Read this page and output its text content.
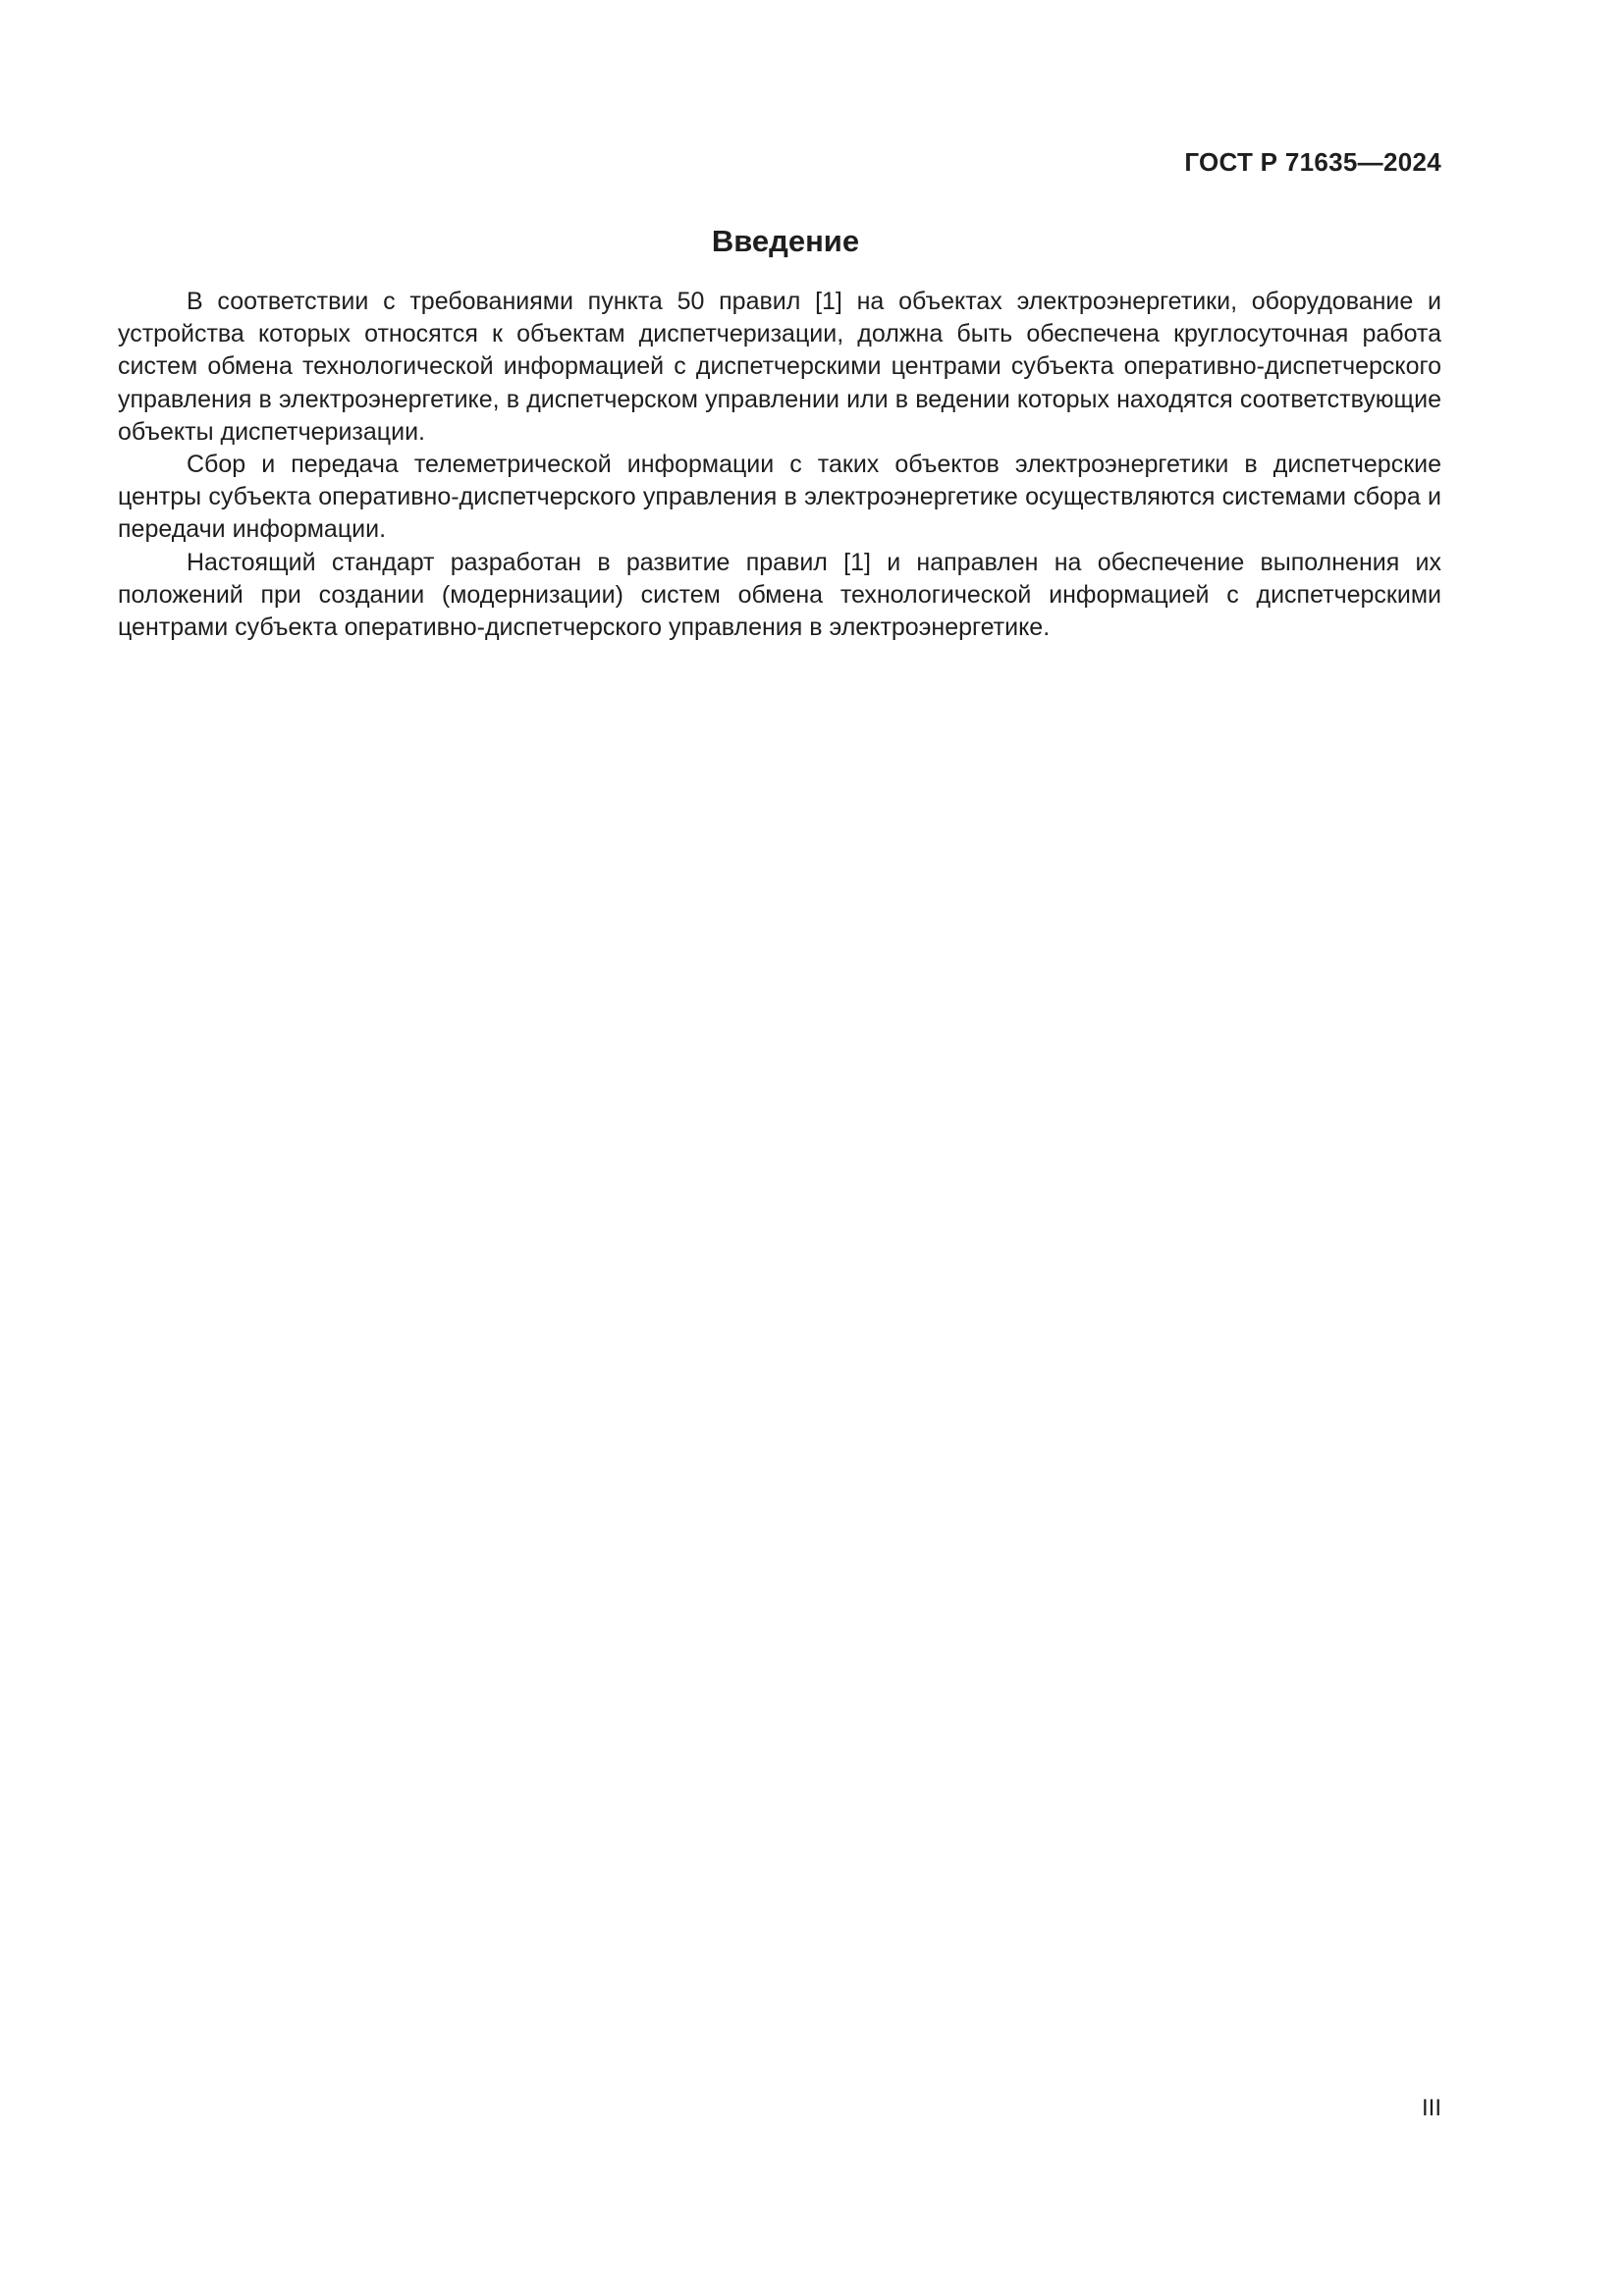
ГОСТ Р 71635—2024
Введение

В соответствии с требованиями пункта 50 правил [1] на объектах электроэнергетики, оборудование и устройства которых относятся к объектам диспетчеризации, должна быть обеспечена круглосуточная работа систем обмена технологической информацией с диспетчерскими центрами субъекта оперативно-диспетчерского управления в электроэнергетике, в диспетчерском управлении или в ведении которых находятся соответствующие объекты диспетчеризации.

Сбор и передача телеметрической информации с таких объектов электроэнергетики в диспетчерские центры субъекта оперативно-диспетчерского управления в электроэнергетике осуществляются системами сбора и передачи информации.

Настоящий стандарт разработан в развитие правил [1] и направлен на обеспечение выполнения их положений при создании (модернизации) систем обмена технологической информацией с диспетчерскими центрами субъекта оперативно-диспетчерского управления в электроэнергетике.

III
